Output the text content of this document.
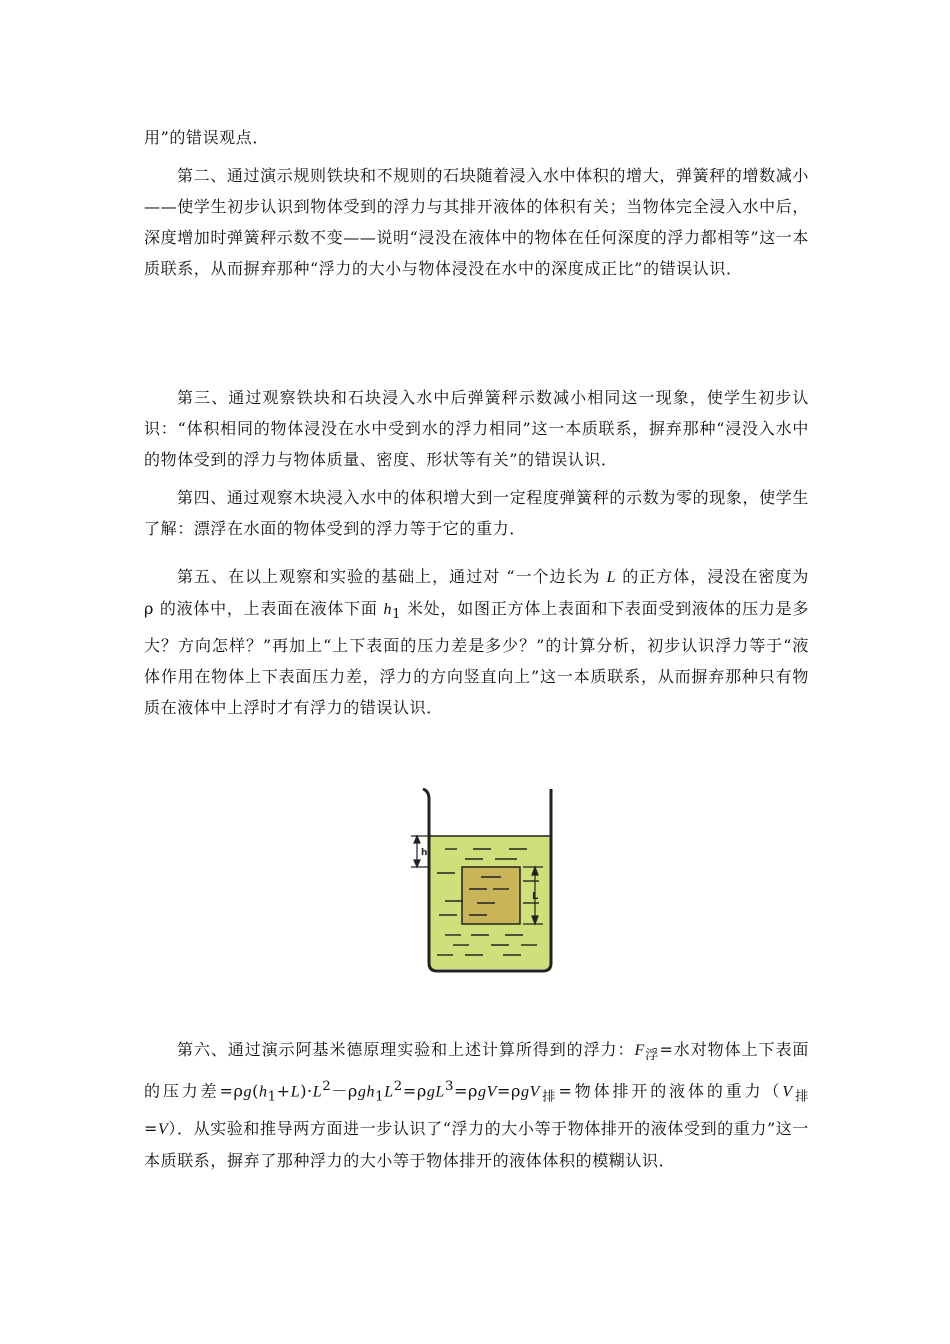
用”的错误观点．

第二、通过演示规则铁块和不规则的石块随着浸入水中体积的增大，弹簧秤的增数减小——使学生初步认识到物体受到的浮力与其排开液体的体积有关；当物体完全浸入水中后，深度增加时弹簧秤示数不变——说明“浸没在液体中的物体在任何深度的浮力都相等”这一本质联系，从而摒弃那种“浮力的大小与物体浸没在水中的深度成正比”的错误认识．

第三、通过观察铁块和石块浸入水中后弹簧秤示数减小相同这一现象，使学生初步认识：“体积相同的物体浸没在水中受到水的浮力相同”这一本质联系，摒弃那种“浸没入水中的物体受到的浮力与物体质量、密度、形状等有关”的错误认识．

第四、通过观察木块浸入水中的体积增大到一定程度弹簧秤的示数为零的现象，使学生了解：漂浮在水面的物体受到的浮力等于它的重力．

第五、在以上观察和实验的基础上，通过对 “一个边长为 L 的正方体，浸没在密度为 ρ 的液体中，上表面在液体下面 $h_1$ 米处，如图正方体上表面和下表面受到液体的压力是多大？方向怎样？”再加上“上下表面的压力差是多少？”的计算分析，初步认识浮力等于“液体作用在物体上下表面压力差，浮力的方向竖直向上”这一本质联系，从而摒弃那种只有物质在液体中上浮时才有浮力的错误认识．

h
L

第六、通过演示阿基米德原理实验和上述计算所得到的浮力：$F_浮=$水对物体上下表面的压力差$=\rho g(h_1+L)\cdot L^2-\rho gh_1L^2=\rho gL^3=\rho gV=\rho gV_排=$物体排开的液体的重力$(V_排=V)$．从实验和推导两方面进一步认识了“浮力的大小等于物体排开的液体受到的重力”这一本质联系，摒弃了那种浮力的大小等于物体排开的液体体积的模糊认识．
